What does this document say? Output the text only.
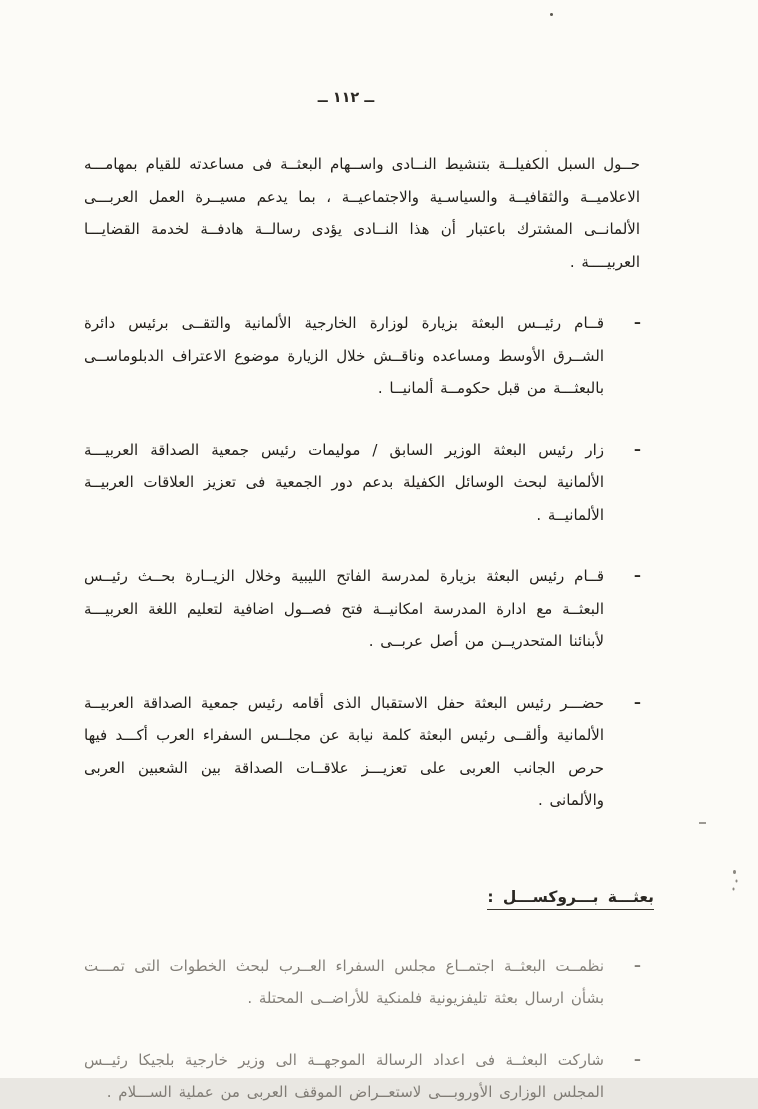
ــ ١١٢ ــ

حــول السبل الكفيلــة بتنشيط النــادى واســهام البعثــة فى مساعدته للقيام بمهامـــه الاعلاميــة والثقافيــة والسياسـية والاجتماعيــة ، بما يدعم مسيــرة العمل العربـــى الألمانــى المشترك باعتبار أن هذا النــادى يؤدى رسالــة هادفــة لخدمة القضايـــا العربيــــة .

ـ

قــام رئيــس البعثة بزيارة لوزارة الخارجية الألمانية والتقــى برئيس دائرة الشــرق الأوسط ومساعده وناقــش خلال الزيارة موضوع الاعتراف الدبلوماســى بالبعثـــة من قبل حكومــة ألمانيــا .

ـ

زار رئيس البعثة الوزير السابق / موليمات رئيس جمعية الصداقة العربيـــة الألمانية لبحث الوسائل الكفيلة بدعم دور الجمعية فى تعزيز العلاقات العربيــة الألمانيــة .

ـ

قــام رئيس البعثة بزيارة لمدرسة الفاتح الليبية وخلال الزيــارة بحــث رئيــس البعثــة مع ادارة المدرسة امكانيــة فتح فصــول اضافية لتعليم اللغة العربيـــة لأبنائنا المتحدريــن من أصل عربــى .

ـ

حضـــر رئيس البعثة حفل الاستقبال الذى أقامه رئيس جمعية الصداقة العربيــة الألمانية وألقــى رئيس البعثة كلمة نيابة عن مجلــس السفراء العرب أكـــد فيها حرص الجانب العربى على تعزيـــز علاقــات الصداقة بين الشعبين العربى والألمانى .

بعثـــة بـــروكســـل :
ـ

نظمــت البعثــة اجتمــاع مجلس السفراء العــرب لبحث الخطوات التى تمـــت بشأن ارسال بعثة تليفزيونية فلمنكية للأراضــى المحتلة .

ـ

شاركت البعثــة فى اعداد الرسالة الموجهــة الى وزير خارجية بلجيكا رئيــس المجلس الوزارى الأوروبـــى لاستعــراض الموقف العربى من عملية الســـلام .
